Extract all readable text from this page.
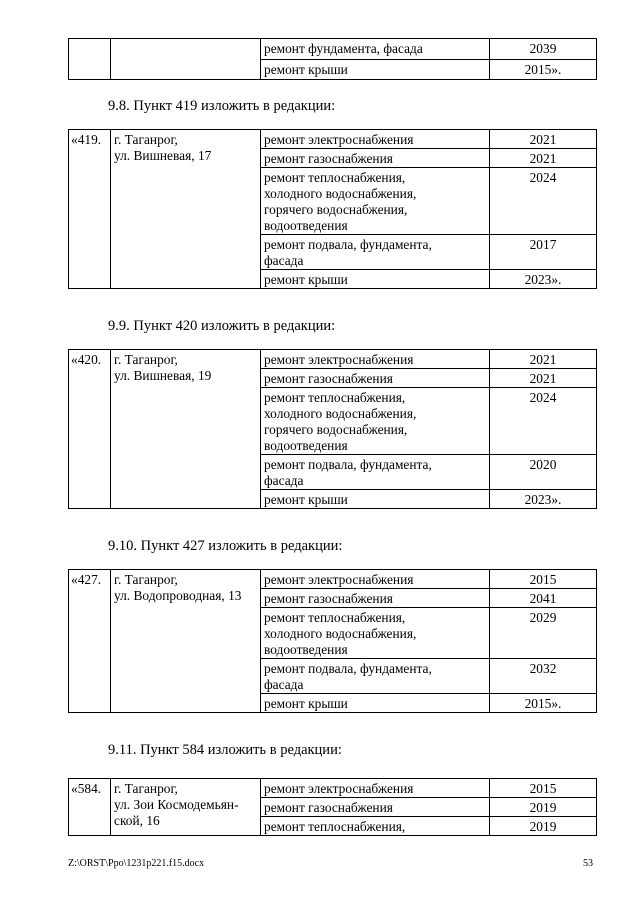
		ремонт фундамента, фасада	2039
		ремонт крыши	2015».
9.8. Пункт 419 изложить в редакции:
«419.	г. Таганрог,
ул. Вишневая, 17	ремонт электроснабжения	2021
		ремонт газоснабжения	2021
		ремонт теплоснабжения,
холодного водоснабжения,
горячего водоснабжения,
водоотведения	2024
		ремонт подвала, фундамента,
фасада	2017
		ремонт крыши	2023».
9.9. Пункт 420 изложить в редакции:
«420.	г. Таганрог,
ул. Вишневая, 19	ремонт электроснабжения	2021
		ремонт газоснабжения	2021
		ремонт теплоснабжения,
холодного водоснабжения,
горячего водоснабжения,
водоотведения	2024
		ремонт подвала, фундамента,
фасада	2020
		ремонт крыши	2023».
9.10. Пункт 427 изложить в редакции:
«427.	г. Таганрог,
ул. Водопроводная, 13	ремонт электроснабжения	2015
		ремонт газоснабжения	2041
		ремонт теплоснабжения,
холодного водоснабжения,
водоотведения	2029
		ремонт подвала, фундамента,
фасада	2032
		ремонт крыши	2015».
9.11. Пункт 584 изложить в редакции:
«584.	г. Таганрог,
ул. Зои Космодемьян-
ской, 16	ремонт электроснабжения	2015
		ремонт газоснабжения	2019
		ремонт теплоснабжения,	2019
Z:\ORST\Ppo\1231p221.f15.docx	53
